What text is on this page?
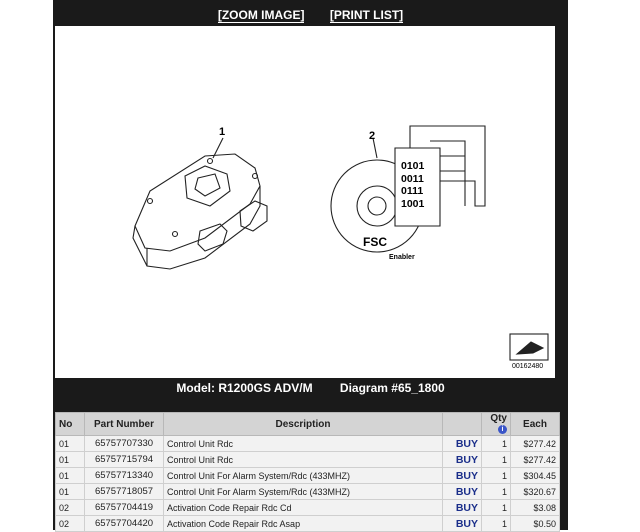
[ZOOM IMAGE] [PRINT LIST]
1	2
0101
0011
0111
1001
FSC
Enabler
00162480
Model: R1200GS ADV/M Diagram #65_1800
No	Part Number	Description		Qtyi	Each
01	65757707330	Control Unit Rdc	BUY	1	$277.42
01	65757715794	Control Unit Rdc	BUY	1	$277.42
01	65757713340	Control Unit For Alarm System/Rdc (433MHZ)	BUY	1	$304.45
01	65757718057	Control Unit For Alarm System/Rdc (433MHZ)	BUY	1	$320.67
02	65757704419	Activation Code Repair Rdc Cd	BUY	1	$3.08
02	65757704420	Activation Code Repair Rdc Asap	BUY	1	$0.50
